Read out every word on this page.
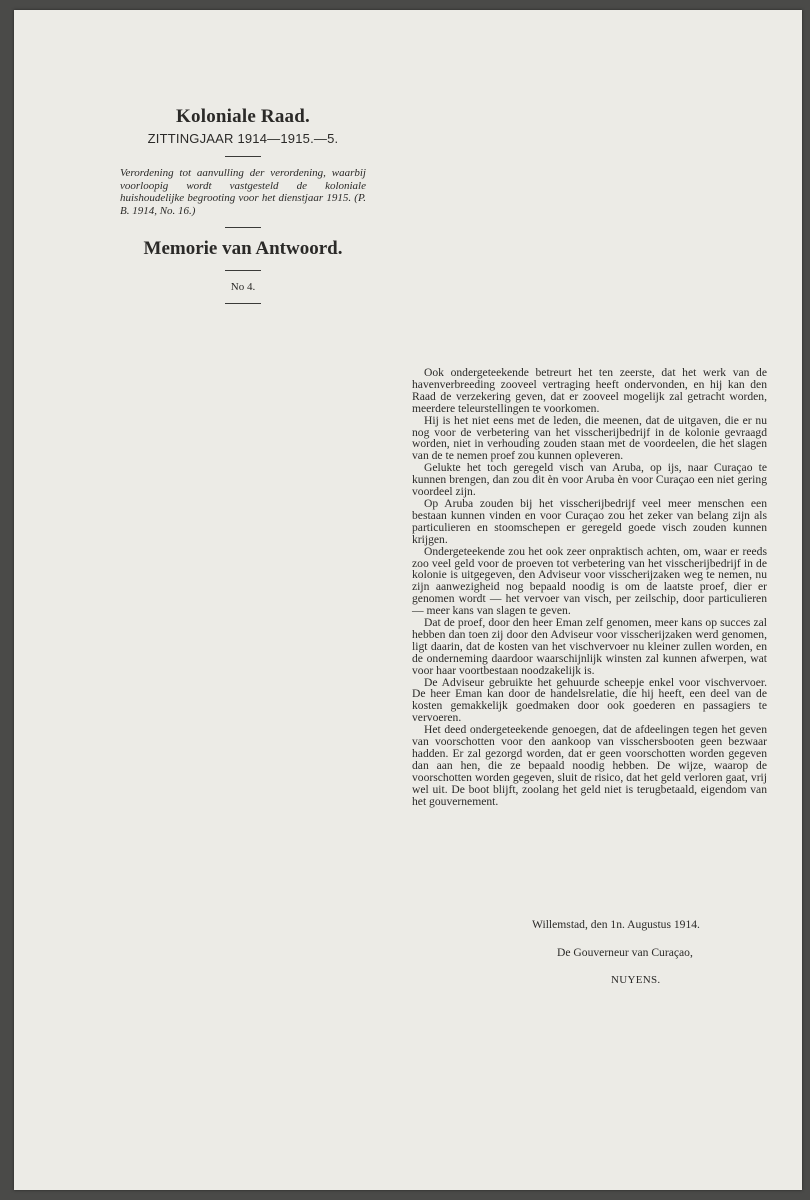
Koloniale Raad.

ZITTINGJAAR 1914—1915.—5.

Verordening tot aanvulling der verordening, waarbij voorloopig wordt vastgesteld de koloniale huishoudelijke begrooting voor het dienstjaar 1915. (P. B. 1914, No. 16.)

Memorie van Antwoord.

No 4.

Ook ondergeteekende betreurt het ten zeerste, dat het werk van de havenverbreeding zooveel vertraging heeft ondervonden, en hij kan den Raad de verzekering geven, dat er zooveel mogelijk zal getracht worden, meerdere teleurstellingen te voorkomen.

Hij is het niet eens met de leden, die meenen, dat de uitgaven, die er nu nog voor de verbetering van het visscherijbedrijf in de kolonie gevraagd worden, niet in verhouding zouden staan met de voordeelen, die het slagen van de te nemen proef zou kunnen opleveren.

Gelukte het toch geregeld visch van Aruba, op ijs, naar Curaçao te kunnen brengen, dan zou dit èn voor Aruba èn voor Curaçao een niet gering voordeel zijn.

Op Aruba zouden bij het visscherijbedrijf veel meer menschen een bestaan kunnen vinden en voor Curaçao zou het zeker van belang zijn als particulieren en stoomschepen er geregeld goede visch zouden kunnen krijgen.

Ondergeteekende zou het ook zeer onpraktisch achten, om, waar er reeds zoo veel geld voor de proeven tot verbetering van het visscherijbedrijf in de kolonie is uitgegeven, den Adviseur voor visscherijzaken weg te nemen, nu zijn aanwezigheid nog bepaald noodig is om de laatste proef, dier er genomen wordt — het vervoer van visch, per zeilschip, door particulieren — meer kans van slagen te geven.

Dat de proef, door den heer Eman zelf genomen, meer kans op succes zal hebben dan toen zij door den Adviseur voor visscherijzaken werd genomen, ligt daarin, dat de kosten van het vischvervoer nu kleiner zullen worden, en de onderneming daardoor waarschijnlijk winsten zal kunnen afwerpen, wat voor haar voortbestaan noodzakelijk is.

De Adviseur gebruikte het gehuurde scheepje enkel voor vischvervoer. De heer Eman kan door de handelsrelatie, die hij heeft, een deel van de kosten gemakkelijk goedmaken door ook goederen en passagiers te vervoeren.

Het deed ondergeteekende genoegen, dat de afdeelingen tegen het geven van voorschotten voor den aankoop van visschersbooten geen bezwaar hadden. Er zal gezorgd worden, dat er geen voorschotten worden gegeven dan aan hen, die ze bepaald noodig hebben. De wijze, waarop de voorschotten worden gegeven, sluit de risico, dat het geld verloren gaat, vrij wel uit. De boot blijft, zoolang het geld niet is terugbetaald, eigendom van het gouvernement.

Willemstad, den 1n. Augustus 1914.
De Gouverneur van Curaçao,
NUYENS.
